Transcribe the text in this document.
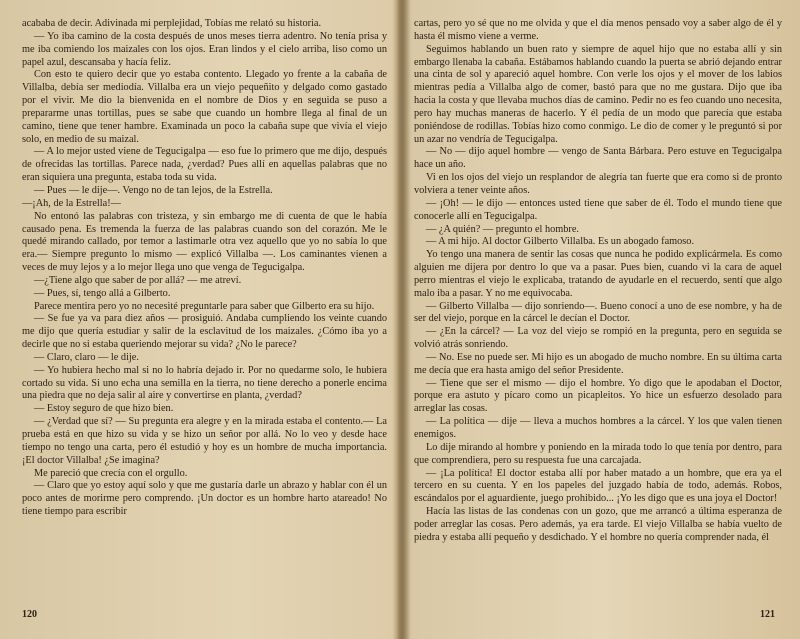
acababa de decir. Adivinada mi perplejidad, Tobías me relató su historia.

— Yo iba camino de la costa después de unos meses tierra adentro. No tenía prisa y me iba comiendo los maizales con los ojos. Eran lindos y el cielo arriba, liso como un papel azul, descansaba y hacía feliz.

Con esto te quiero decir que yo estaba contento. Llegado yo frente a la cabaña de Villalba, debía ser mediodía. Villalba era un viejo pequeñito y delgado como gastado por el vivir. Me dio la bienvenida en el nombre de Dios y en seguida se puso a prepararme unas tortillas, pues se sabe que cuando un hombre llega al final de un camino, tiene que tener hambre. Examinada un poco la cabaña supe que vivía el viejo solo, en medio de su maizal.

— A lo mejor usted viene de Tegucigalpa — eso fue lo primero que me dijo, después de ofrecidas las tortillas. Parece nada, ¿verdad? Pues allí en aquellas palabras que no eran siquiera una pregunta, estaba toda su vida.

— Pues — le dije—. Vengo no de tan lejos, de la Estrella.

—¡Ah, de la Estrella!—

No entonó las palabras con tristeza, y sin embargo me di cuenta de que le había causado pena. Es tremenda la fuerza de las palabras cuando son del corazón. Me le quedé mirando callado, por temor a lastimarle otra vez aquello que yo no sabía lo que era.— Siempre pregunto lo mismo — explicó Villalba —. Los caminantes vienen a veces de muy lejos y a lo mejor llega uno que venga de Tegucigalpa.

—¿Tiene algo que saber de por allá? — me atreví.

— Pues, sí, tengo allá a Gilberto.

Parece mentira pero yo no necesité preguntarle para saber que Gilberto era su hijo.

— Se fue ya va para diez años — prosiguió. Andaba cumpliendo los veinte cuando me dijo que quería estudiar y salir de la esclavitud de los maizales. ¿Cómo iba yo a decirle que no si estaba queriendo mejorar su vida? ¿No le parece?

— Claro, claro — le dije.

— Yo hubiera hecho mal si no lo habría dejado ir. Por no quedarme solo, le hubiera cortado su vida. Si uno echa una semilla en la tierra, no tiene derecho a ponerle encima una piedra que no deja salir al aire y convertirse en planta, ¿verdad?

— Estoy seguro de que hizo bien.

— ¿Verdad que sí? — Su pregunta era alegre y en la mirada estaba el contento.— La prueba está en que hizo su vida y se hizo un señor por allá. No lo veo y desde hace tiempo no tengo una carta, pero él estudió y hoy es un hombre de mucha importancia. ¡El doctor Villalba! ¿Se imagina?

Me pareció que crecía con el orgullo.

— Claro que yo estoy aquí solo y que me gustaría darle un abrazo y hablar con él un poco antes de morirme pero comprendo. ¡Un doctor es un hombre harto atareado! No tiene tiempo para escribir

120

cartas, pero yo sé que no me olvida y que el día menos pensado voy a saber algo de él y hasta él mismo viene a verme.

Seguimos hablando un buen rato y siempre de aquel hijo que no estaba allí y sin embargo llenaba la cabaña. Estábamos hablando cuando la puerta se abrió dejando entrar una cinta de sol y apareció aquel hombre. Con verle los ojos y el mover de los labios mientras pedía a Villalba algo de comer, bastó para que no me gustara. Dijo que iba hacia la costa y que llevaba muchos días de camino. Pedir no es feo cuando uno necesita, pero hay muchas maneras de hacerlo. Y él pedía de un modo que parecía que estaba poniéndose de rodillas. Tobías hizo como conmigo. Le dio de comer y le preguntó si por un azar no vendría de Tegucigalpa.

— No — dijo aquel hombre — vengo de Santa Bárbara. Pero estuve en Tegucigalpa hace un año.

Vi en los ojos del viejo un resplandor de alegría tan fuerte que era como si de pronto volviera a tener veinte años.

— ¡Oh! — le dijo — entonces usted tiene que saber de él. Todo el mundo tiene que conocerle allí en Tegucigalpa.

— ¿A quién? — pregunto el hombre.

— A mi hijo. Al doctor Gilberto Villalba. Es un abogado famoso.

Yo tengo una manera de sentir las cosas que nunca he podido explicármela. Es como alguien me dijera por dentro lo que va a pasar. Pues bien, cuando vi la cara de aquel perro mientras el viejo le explicaba, tratando de ayudarle en el recuerdo, sentí que algo malo iba a pasar. Y no me equivocaba.

— Gilberto Villalba — dijo sonriendo—. Bueno conocí a uno de ese nombre, y ha de ser del viejo, porque en la cárcel le decían el Doctor.

— ¿En la cárcel? — La voz del viejo se rompió en la pregunta, pero en seguida se volvió atrás sonriendo.

— No. Ese no puede ser. Mi hijo es un abogado de mucho nombre. En su última carta me decía que era hasta amigo del señor Presidente.

— Tiene que ser el mismo — dijo el hombre. Yo digo que le apodaban el Doctor, porque era astuto y pícaro como un picapleitos. Yo hice un esfuerzo desolado para arreglar las cosas.

— La política — dije — lleva a muchos hombres a la cárcel. Y los que valen tienen enemigos.

Lo dije mirando al hombre y poniendo en la mirada todo lo que tenía por dentro, para que comprendiera, pero su respuesta fue una carcajada.

— ¡La política! El doctor estaba allí por haber matado a un hombre, que era ya el tercero en su cuenta. Y en los papeles del juzgado había de todo, además. Robos, escándalos por el aguardiente, juego prohibido... ¡Yo les digo que es una joya el Doctor!

Hacía las listas de las condenas con un gozo, que me arrancó a última esperanza de poder arreglar las cosas. Pero además, ya era tarde. El viejo Villalba se había vuelto de piedra y estaba allí pequeño y desdichado. Y el hombre no quería comprender nada, él

121
